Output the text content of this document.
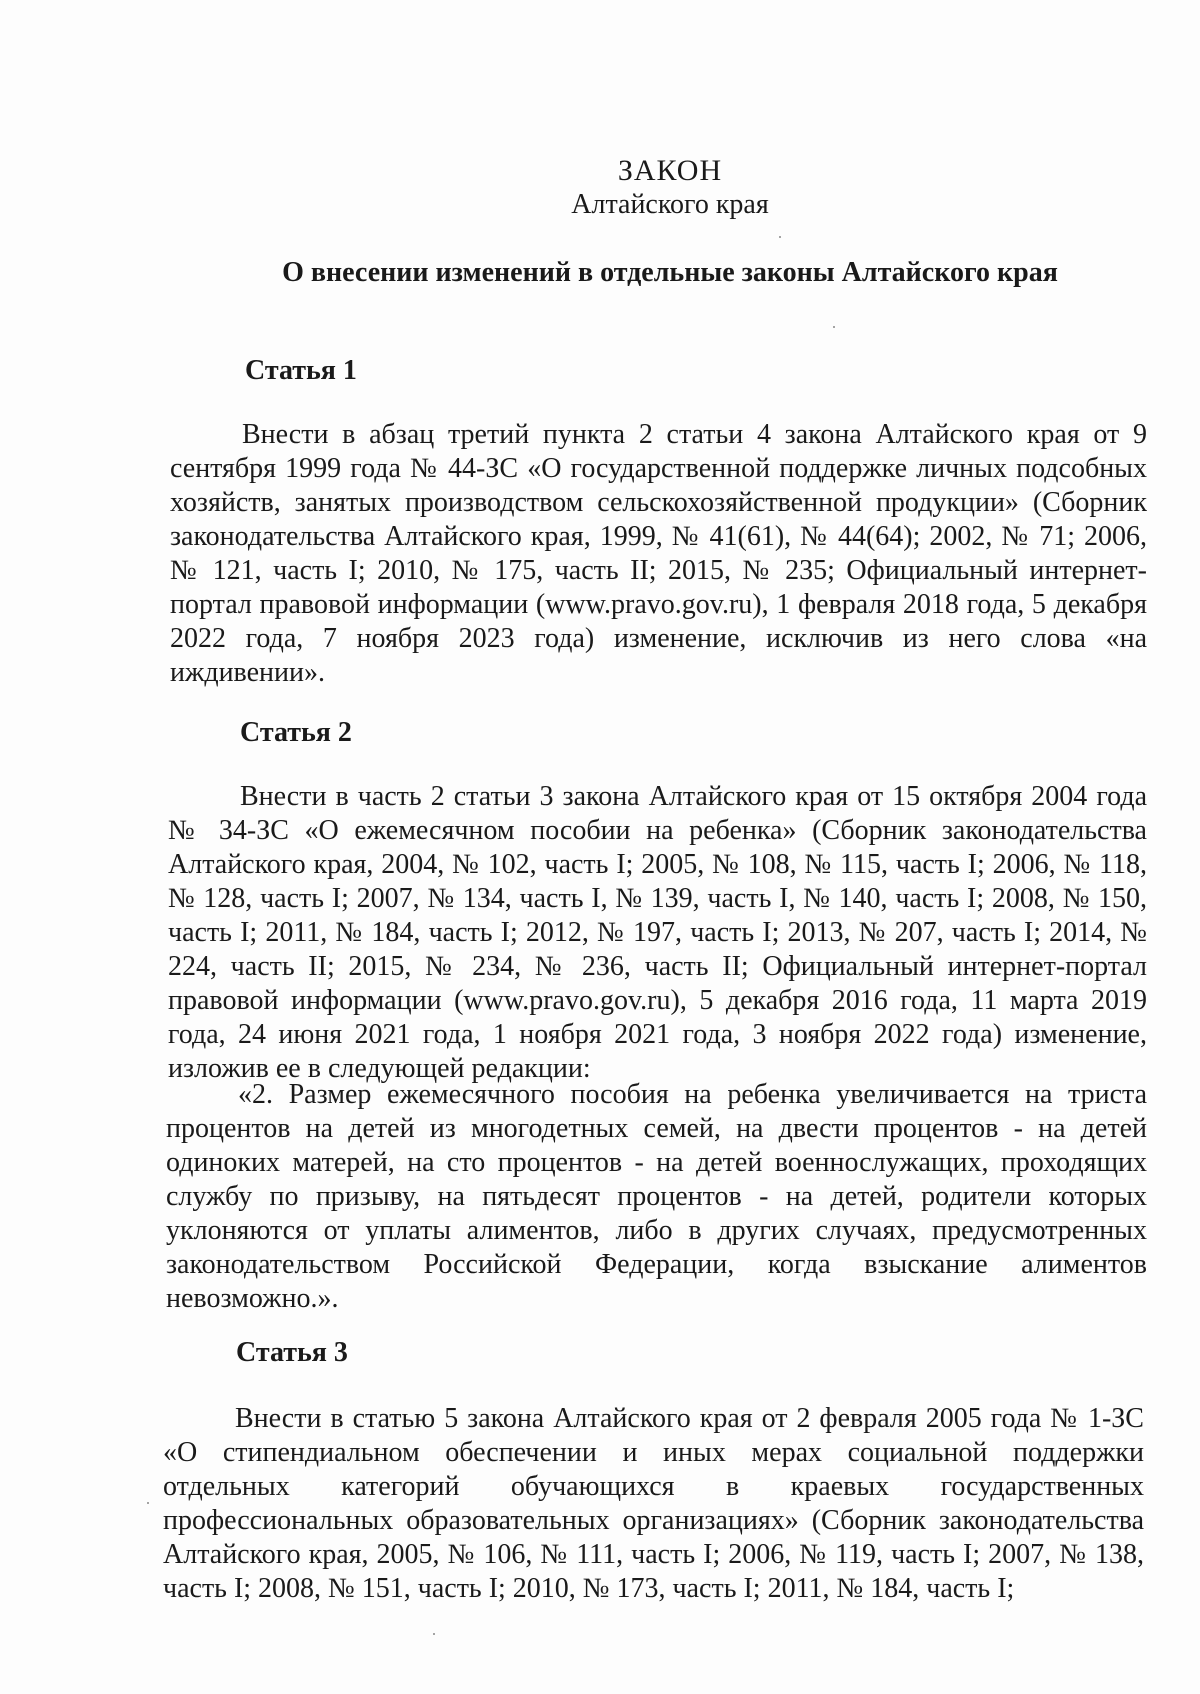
ЗАКОН
Алтайского края
О внесении изменений в отдельные законы Алтайского края
Статья 1

Внести в абзац третий пункта 2 статьи 4 закона Алтайского края от 9 сентября 1999 года № 44-ЗС «О государственной поддержке личных подсобных хозяйств, занятых производством сельскохозяйственной продукции» (Сборник законодательства Алтайского края, 1999, № 41(61), № 44(64); 2002, № 71; 2006, № 121, часть I; 2010, № 175, часть II; 2015, № 235; Официальный интернет-портал правовой информации (www.pravo.gov.ru), 1 февраля 2018 года, 5 декабря 2022 года, 7 ноября 2023 года) изменение, исключив из него слова «на иждивении».

Статья 2

Внести в часть 2 статьи 3 закона Алтайского края от 15 октября 2004 года № 34-ЗС «О ежемесячном пособии на ребенка» (Сборник законодательства Алтайского края, 2004, № 102, часть I; 2005, № 108, № 115, часть I; 2006, № 118, № 128, часть I; 2007, № 134, часть I, № 139, часть I, № 140, часть I; 2008, № 150, часть I; 2011, № 184, часть I; 2012, № 197, часть I; 2013, № 207, часть I; 2014, № 224, часть II; 2015, № 234, № 236, часть II; Официальный интернет-портал правовой информации (www.pravo.gov.ru), 5 декабря 2016 года, 11 марта 2019 года, 24 июня 2021 года, 1 ноября 2021 года, 3 ноября 2022 года) изменение, изложив ее в следующей редакции:

«2. Размер ежемесячного пособия на ребенка увеличивается на триста процентов на детей из многодетных семей, на двести процентов - на детей одиноких матерей, на сто процентов - на детей военнослужащих, проходящих службу по призыву, на пятьдесят процентов - на детей, родители которых уклоняются от уплаты алиментов, либо в других случаях, предусмотренных законодательством Российской Федерации, когда взыскание алиментов невозможно.».

Статья 3

Внести в статью 5 закона Алтайского края от 2 февраля 2005 года № 1-ЗС «О стипендиальном обеспечении и иных мерах социальной поддержки отдельных категорий обучающихся в краевых государственных профессиональных образовательных организациях» (Сборник законодательства Алтайского края, 2005, № 106, № 111, часть I; 2006, № 119, часть I; 2007, № 138, часть I; 2008, № 151, часть I; 2010, № 173, часть I; 2011, № 184, часть I;
